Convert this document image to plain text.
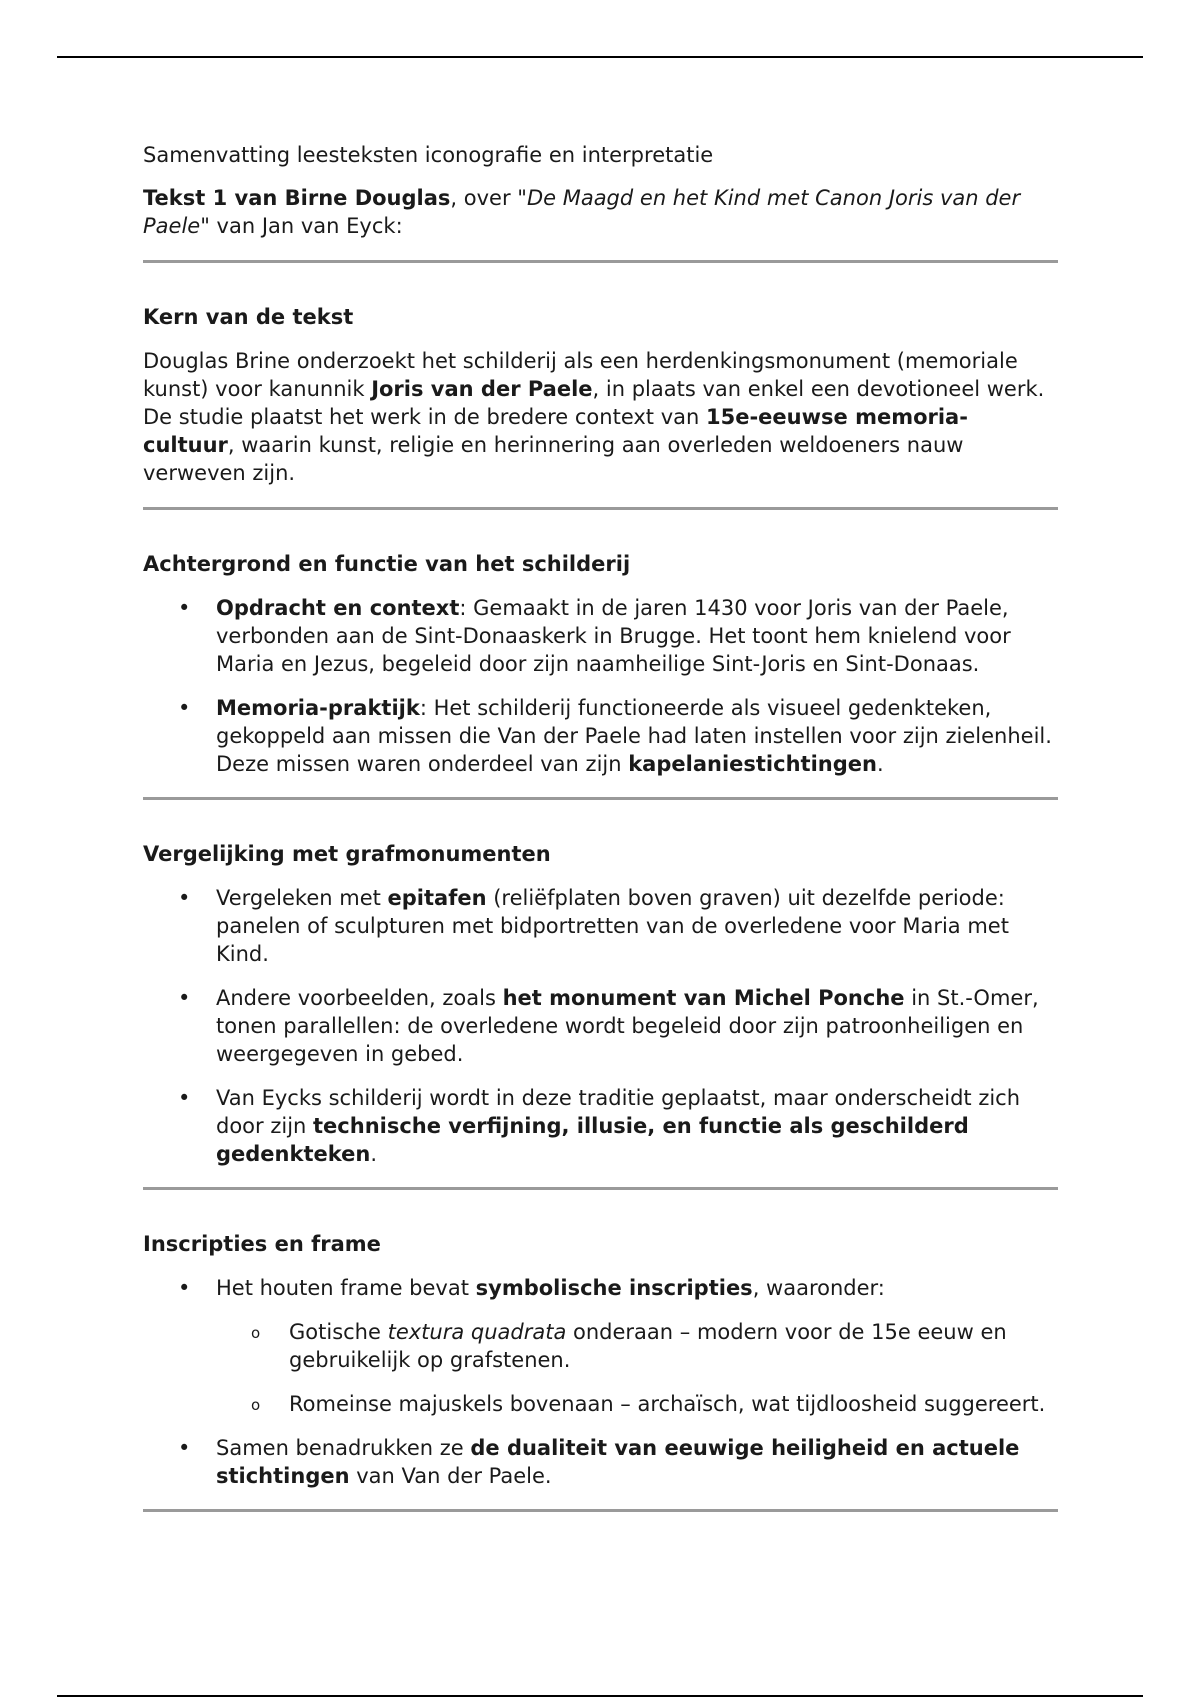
Samenvatting leesteksten iconografie en interpretatie

Tekst 1 van Birne Douglas, over "De Maagd en het Kind met Canon Joris van der Paele" van Jan van Eyck:

Kern van de tekst

Douglas Brine onderzoekt het schilderij als een herdenkingsmonument (memoriale kunst) voor kanunnik Joris van der Paele, in plaats van enkel een devotioneel werk. De studie plaatst het werk in de bredere context van 15e-eeuwse memoria-cultuur, waarin kunst, religie en herinnering aan overleden weldoeners nauw verweven zijn.

Achtergrond en functie van het schilderij
• Opdracht en context: Gemaakt in de jaren 1430 voor Joris van der Paele, verbonden aan de Sint-Donaaskerk in Brugge. Het toont hem knielend voor Maria en Jezus, begeleid door zijn naamheilige Sint-Joris en Sint-Donaas.
• Memoria-praktijk: Het schilderij functioneerde als visueel gedenkteken, gekoppeld aan missen die Van der Paele had laten instellen voor zijn zielenheil. Deze missen waren onderdeel van zijn kapelaniestichtingen.
Vergelijking met grafmonumenten
• Vergeleken met epitafen (reliëfplaten boven graven) uit dezelfde periode: panelen of sculpturen met bidportretten van de overledene voor Maria met Kind.
• Andere voorbeelden, zoals het monument van Michel Ponche in St.-Omer, tonen parallellen: de overledene wordt begeleid door zijn patroonheiligen en weergegeven in gebed.
• Van Eycks schilderij wordt in deze traditie geplaatst, maar onderscheidt zich door zijn technische verfijning, illusie, en functie als geschilderd gedenkteken.
Inscripties en frame
• Het houten frame bevat symbolische inscripties, waaronder:
o Gotische textura quadrata onderaan – modern voor de 15e eeuw en gebruikelijk op grafstenen.
o Romeinse majuskels bovenaan – archaïsch, wat tijdloosheid suggereert.
• Samen benadrukken ze de dualiteit van eeuwige heiligheid en actuele stichtingen van Van der Paele.
